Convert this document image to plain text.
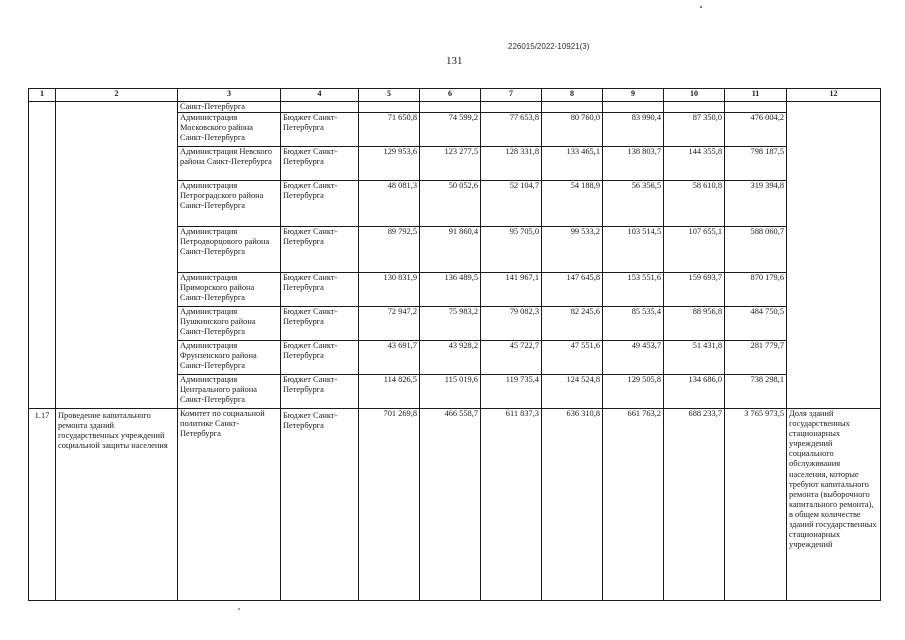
226015/2022-10921(3)
131
1	2	3	4	5	6	7	8	9	10	11	12
		Санкт-Петербурга									
		Администрация Московского района Санкт-Петербурга	Бюджет Санкт-Петербурга	71 650,8	74 599,2	77 653,8	80 760,0	83 990,4	87 350,0	476 004,2	
		Администрация Невского района Санкт-Петербурга	Бюджет Санкт-Петербурга	129 953,6	123 277,5	128 331,8	133 465,1	138 803,7	144 355,8	798 187,5	
		Администрация Петроградского района Санкт-Петербурга	Бюджет Санкт-Петербурга	48 081,3	50 052,6	52 104,7	54 188,9	56 356,5	58 610,8	319 394,8	
		Администрация Петродворцового района Санкт-Петербурга	Бюджет Санкт-Петербурга	89 792,5	91 860,4	95 705,0	99 533,2	103 514,5	107 655,1	588 060,7	
		Администрация Приморского района Санкт-Петербурга	Бюджет Санкт-Петербурга	130 831,9	136 489,5	141 967,1	147 645,8	153 551,6	159 693,7	870 179,6	
		Администрация Пушкинского района Санкт-Петербурга	Бюджет Санкт-Петербурга	72 947,2	75 983,2	79 082,3	82 245,6	85 535,4	88 956,8	484 750,5	
		Администрация Фрунзенского района Санкт-Петербурга	Бюджет Санкт-Петербурга	43 691,7	43 928,2	45 722,7	47 551,6	49 453,7	51 431,8	281 779,7	
		Администрация Центрального района Санкт-Петербурга	Бюджет Санкт-Петербурга	114 826,5	115 019,6	119 735,4	124 524,8	129 505,8	134 686,0	738 298,1	
1.17	Проведение капитального ремонта зданий государственных учреждений социальной защиты населения	Комитет по социальной политике Санкт-Петербурга	Бюджет Санкт-Петербурга	701 269,8	466 558,7	611 837,3	636 310,8	661 763,2	688 233,7	3 765 973,5	Доля зданий государственных стационарных учреждений социального обслуживания населения, которые требуют капитального ремонта (выборочного капитального ремонта), в общем количестве зданий государственных стационарных учреждений
